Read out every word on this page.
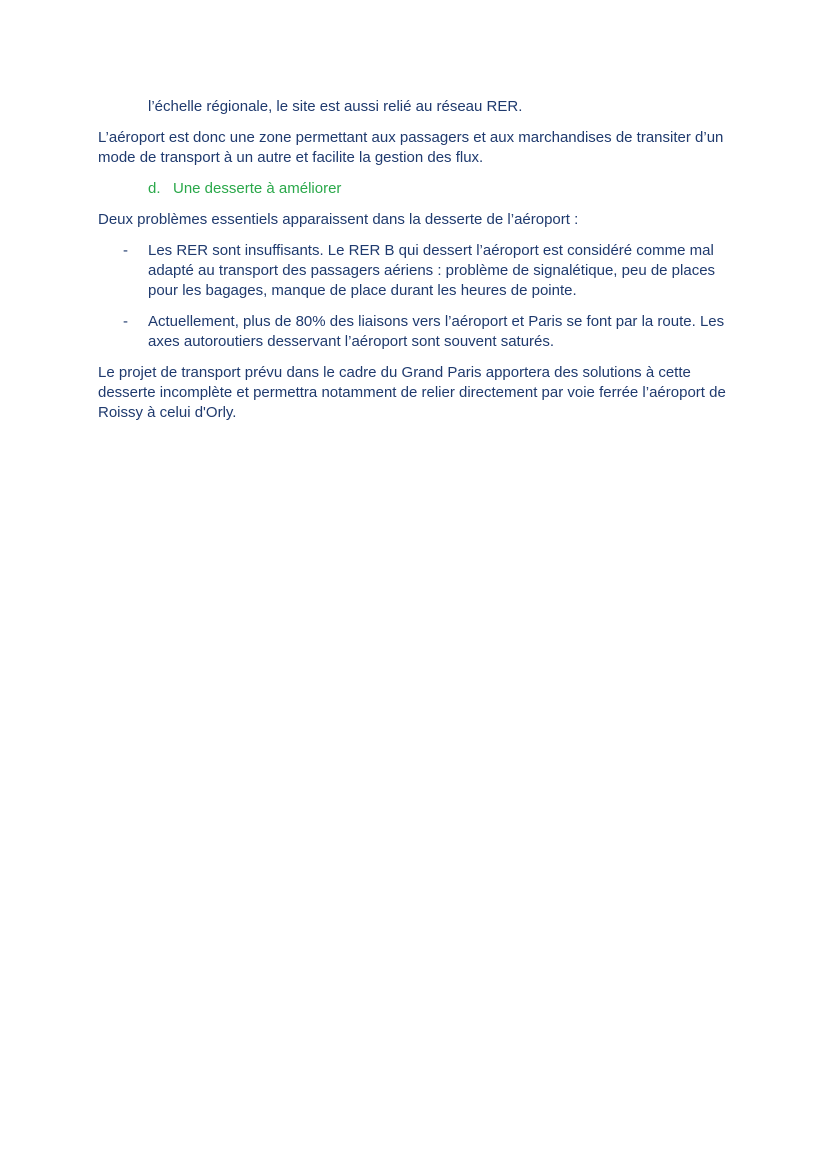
l’échelle régionale, le site est aussi relié au réseau RER.

L’aéroport est donc une zone permettant aux passagers et aux marchandises de transiter d’un mode de transport à un autre et facilite la gestion des flux.

d. Une desserte à améliorer

Deux problèmes essentiels apparaissent dans la desserte de l’aéroport :

-	Les RER sont insuffisants. Le RER B qui dessert l’aéroport est considéré comme mal adapté au transport des passagers aériens : problème de signalétique, peu de places pour les bagages, manque de place durant les heures de pointe.
-	Actuellement, plus de 80% des liaisons vers l’aéroport et Paris se font par la route. Les axes autoroutiers desservant l’aéroport sont souvent saturés.

Le projet de transport prévu dans le cadre du Grand Paris apportera des solutions à cette desserte incomplète et permettra notamment de relier directement par voie ferrée l’aéroport de Roissy à celui d'Orly.
